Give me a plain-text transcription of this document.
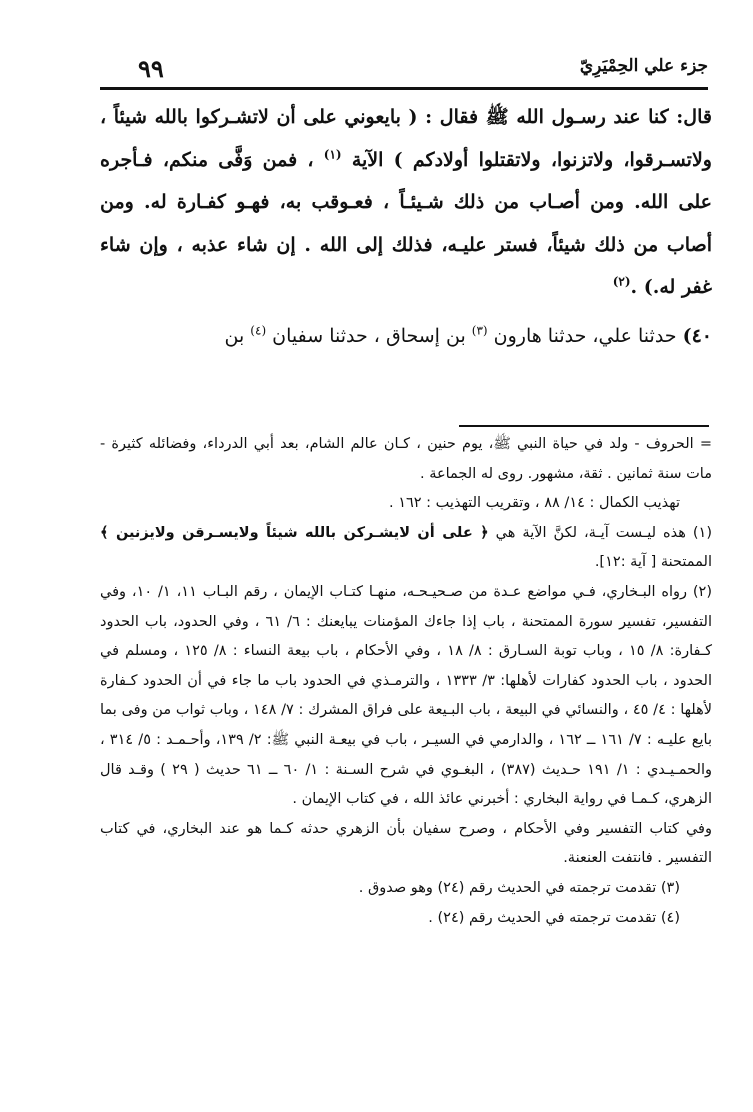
٩٩	جزء علي الحِمْيَرِيّ

قال: كنا عند رسـول الله ﷺ فقال : ( بايعوني على أن لاتشـركوا بالله شيئاً ، ولاتسـرقوا، ولاتزنوا، ولاتقتلوا أولادكم ) الآية $^{(١)}$ ، فمن وَفَّى منكم، فـأجره على الله. ومن أصـاب من ذلك شـيئـاً ، فعـوقب به، فهـو كفـارة له. ومن أصاب من ذلك شيئاً، فستر عليـه، فذلك إلى الله . إن شاء عذبه ، وإن شاء غفر له.) .$^{(٢)}$

٤٠) حدثنا علي، حدثنا هارون $^{(٣)}$ بن إسحاق ، حدثنا سفيان $^{(٤)}$ بن

= الحروف - ولد في حياة النبي ﷺ، يوم حنين ، كـان عالم الشام، بعد أبي الدرداء، وفضائله كثيرة - مات سنة ثمانين . ثقة، مشهور. روى له الجماعة .

تهذيب الكمال : ١٤/ ٨٨ ، وتقريب التهذيب : ١٦٢ .

(١) هذه ليـست آيـة، لكنَّ الآية هي ﴿ على أن لايشـركن بالله شيئاً ولايسـرقن ولايزنين ﴾ الممتحنة [ آية :١٢].

(٢) رواه البـخاري، فـي مواضع عـدة من صـحيـحـه، منهـا كتـاب الإيمان ، رقم البـاب ١١، ١/ ١٠، وفي التفسير، تفسير سورة الممتحنة ، باب إذا جاءك المؤمنات يبايعنك : ٦/ ٦١ ، وفي الحدود، باب الحدود كـفارة: ٨/ ١٥ ، وباب توبة السـارق : ٨/ ١٨ ، وفي الأحكام ، باب بيعة النساء : ٨/ ١٢٥ ، ومسلم في الحدود ، باب الحدود كفارات لأهلها: ٣/ ١٣٣٣ ، والترمـذي في الحدود باب ما جاء في أن الحدود كـفارة لأهلها : ٤/ ٤٥ ، والنسائي في البيعة ، باب البـيعة على فراق المشرك : ٧/ ١٤٨ ، وباب ثواب من وفى بما بايع عليـه : ٧/ ١٦١ ــ ١٦٢ ، والدارمي في السيـر ، باب في بيعـة النبي ﷺ: ٢/ ١٣٩، وأحـمـد : ٥/ ٣١٤ ، والحمـيـدي : ١/ ١٩١ حـديث (٣٨٧) ، البغـوي في شرح السـنة : ١/ ٦٠ ــ ٦١ حديث ( ٢٩ ) وقـد قال الزهري، كـمـا في رواية البخاري : أخبرني عائذ الله ، في كتاب الإيمان .

وفي كتاب التفسير وفي الأحكام ، وصرح سفيان بأن الزهري حدثه كـما هو عند البخاري، في كتاب التفسير . فانتفت العنعنة.

(٣) تقدمت ترجمته في الحديث رقم (٢٤) وهو صدوق .

(٤) تقدمت ترجمته في الحديث رقم (٢٤) .
